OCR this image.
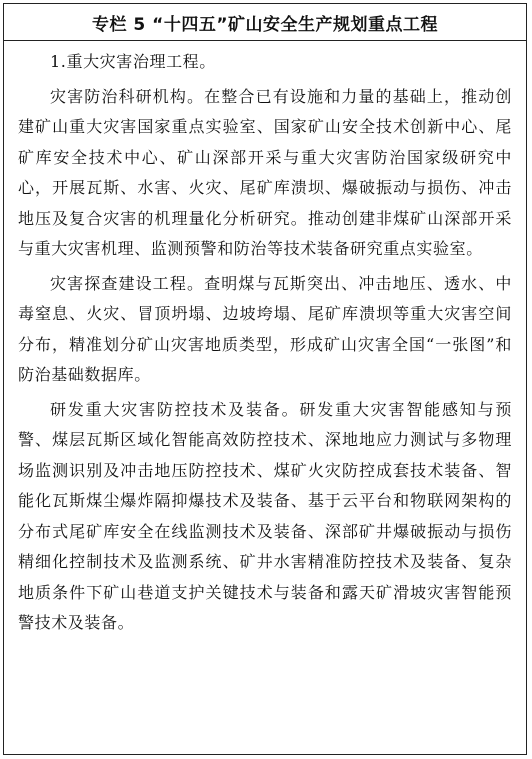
专栏 5 “十四五”矿山安全生产规划重点工程

1.重大灾害治理工程。

灾害防治科研机构。在整合已有设施和力量的基础上，推动创建矿山重大灾害国家重点实验室、国家矿山安全技术创新中心、尾矿库安全技术中心、矿山深部开采与重大灾害防治国家级研究中心，开展瓦斯、水害、火灾、尾矿库溃坝、爆破振动与损伤、冲击地压及复合灾害的机理量化分析研究。推动创建非煤矿山深部开采与重大灾害机理、监测预警和防治等技术装备研究重点实验室。

灾害探查建设工程。查明煤与瓦斯突出、冲击地压、透水、中毒窒息、火灾、冒顶坍塌、边坡垮塌、尾矿库溃坝等重大灾害空间分布，精准划分矿山灾害地质类型，形成矿山灾害全国“一张图”和防治基础数据库。

研发重大灾害防控技术及装备。研发重大灾害智能感知与预警、煤层瓦斯区域化智能高效防控技术、深地地应力测试与多物理场监测识别及冲击地压防控技术、煤矿火灾防控成套技术装备、智能化瓦斯煤尘爆炸隔抑爆技术及装备、基于云平台和物联网架构的分布式尾矿库安全在线监测技术及装备、深部矿井爆破振动与损伤精细化控制技术及监测系统、矿井水害精准防控技术及装备、复杂地质条件下矿山巷道支护关键技术与装备和露天矿滑坡灾害智能预警技术及装备。
